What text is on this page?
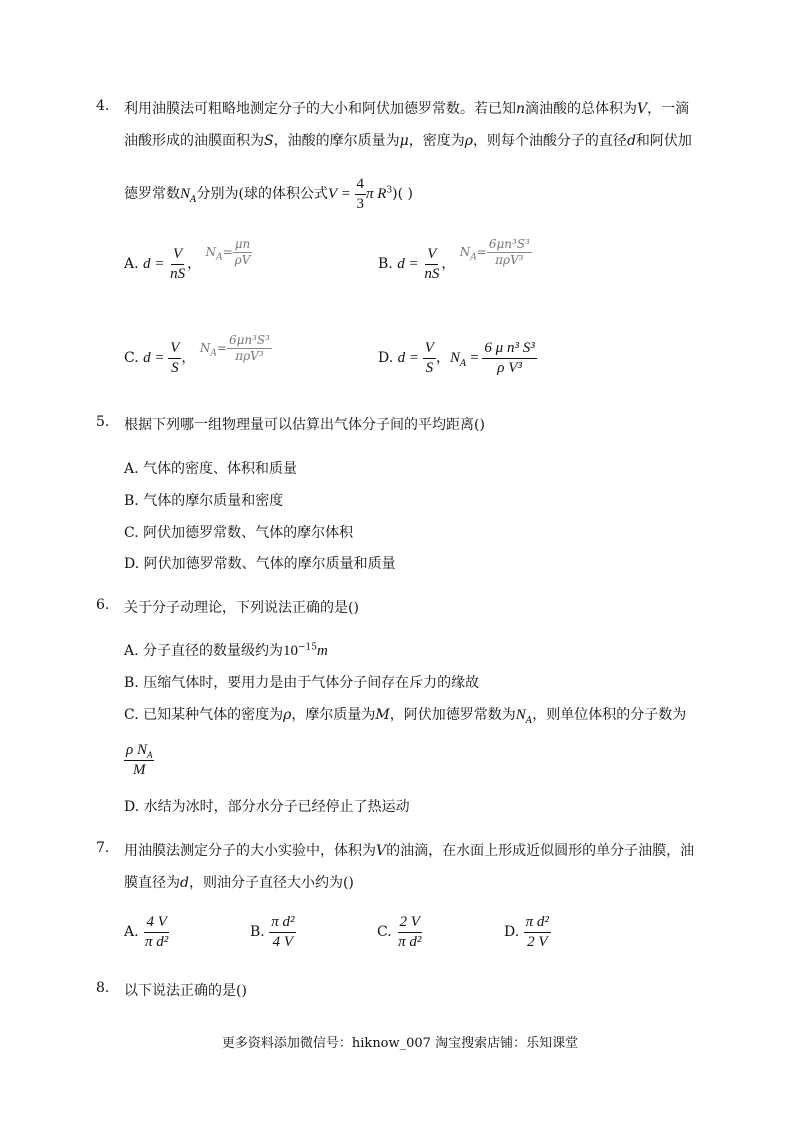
4. 利用油膜法可粗略地测定分子的大小和阿伏加德罗常数。若已知n滴油酸的总体积为V，一滴
油酸形成的油膜面积为S，油酸的摩尔质量为μ，密度为ρ，则每个油酸分子的直径d和阿伏加
德罗常数$N_A$分别为(球的体积公式$V = \frac{4}{3}$ π $R^3$)( )
A. $d = \frac{V}{nS}$ ， $N_A= \frac{\mu n}{\rho V}$	B. $d = \frac{V}{nS}$ ， $N_A= \frac{\text{6μn³S³}}{\text{πρV³}}$
C. $d = \frac{V}{S}$ ， $N_A= \frac{\text{6μn³S³}}{\text{πρV³}}$	D. $d = \frac{V}{S}$ ，$N_A = \frac{\text{6 μ n³ S³}}{\text{ρ V³}}$
5. 根据下列哪一组物理量可以估算出气体分子间的平均距离()
A. 气体的密度、体积和质量
B. 气体的摩尔质量和密度
C. 阿伏加德罗常数、气体的摩尔体积
D. 阿伏加德罗常数、气体的摩尔质量和质量
6. 关于分子动理论，下列说法正确的是()
A. 分子直径的数量级约为$10^{-15}m$
B. 压缩气体时，要用力是由于气体分子间存在斥力的缘故
C. 已知某种气体的密度为ρ，摩尔质量为M，阿伏加德罗常数为$N_A$，则单位体积的分子数为
$\frac{\rho N_A}{M}$
D. 水结为冰时，部分水分子已经停止了热运动
7. 用油膜法测定分子的大小实验中，体积为V的油滴，在水面上形成近似圆形的单分子油膜，油
膜直径为d，则油分子直径大小约为()
A. $\frac{4 V}{\text{π d²}}$	B. $\frac{\text{π d²}}{4 V}$	C. $\frac{2 V}{\text{π d²}}$	D. $\frac{\text{π d²}}{2 V}$
8. 以下说法正确的是()
更多资料添加微信号：hiknow_007 淘宝搜索店铺：乐知课堂
